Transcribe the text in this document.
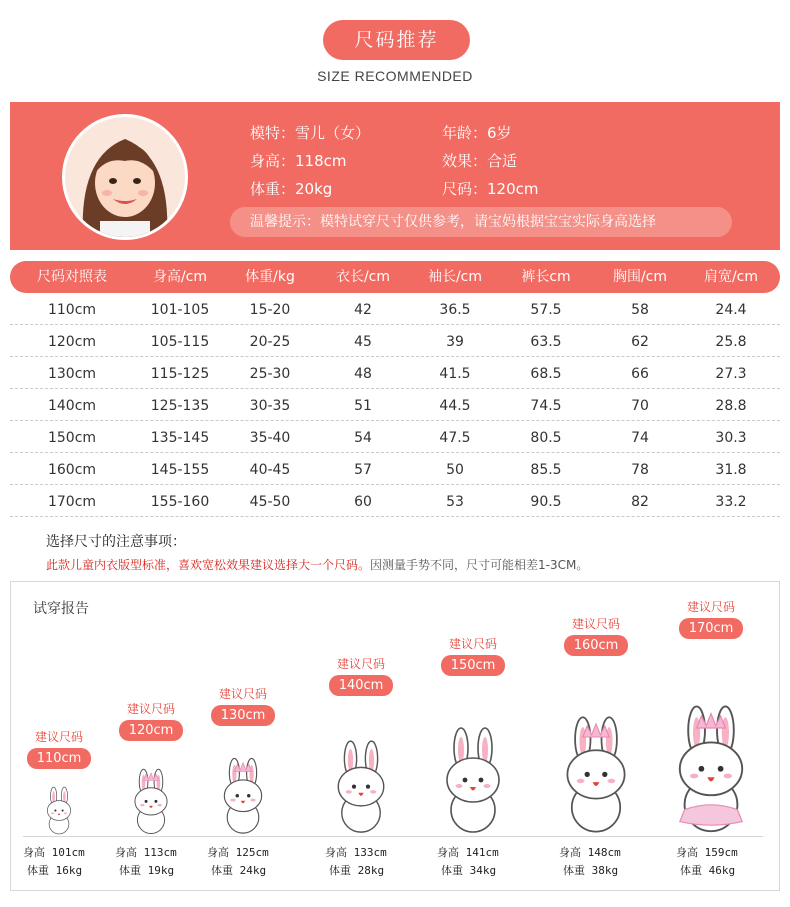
尺码推荐
SIZE RECOMMENDED
模特：雪儿（女）
身高：118cm
体重：20kg
年龄：6岁
效果：合适
尺码：120cm
温馨提示：模特试穿尺寸仅供参考，请宝妈根据宝宝实际身高选择
尺码对照表	身高/cm	体重/kg	衣长/cm	袖长/cm	裤长cm	胸围/cm	肩宽/cm
110cm	101-105	15-20	42	36.5	57.5	58	24.4
120cm	105-115	20-25	45	39	63.5	62	25.8
130cm	115-125	25-30	48	41.5	68.5	66	27.3
140cm	125-135	30-35	51	44.5	74.5	70	28.8
150cm	135-145	35-40	54	47.5	80.5	74	30.3
160cm	145-155	40-45	57	50	85.5	78	31.8
170cm	155-160	45-50	60	53	90.5	82	33.2
选择尺寸的注意事项：
此款儿童内衣版型标准，喜欢宽松效果建议选择大一个尺码。因测量手势不同，尺寸可能相差1-3CM。
试穿报告
建议尺码
110cm
身高 101cm
体重 16kg
建议尺码
120cm
身高 113cm
体重 19kg
建议尺码
130cm
身高 125cm
体重 24kg
建议尺码
140cm
身高 133cm
体重 28kg
建议尺码
150cm
身高 141cm
体重 34kg
建议尺码
160cm
身高 148cm
体重 38kg
建议尺码
170cm
身高 159cm
体重 46kg
